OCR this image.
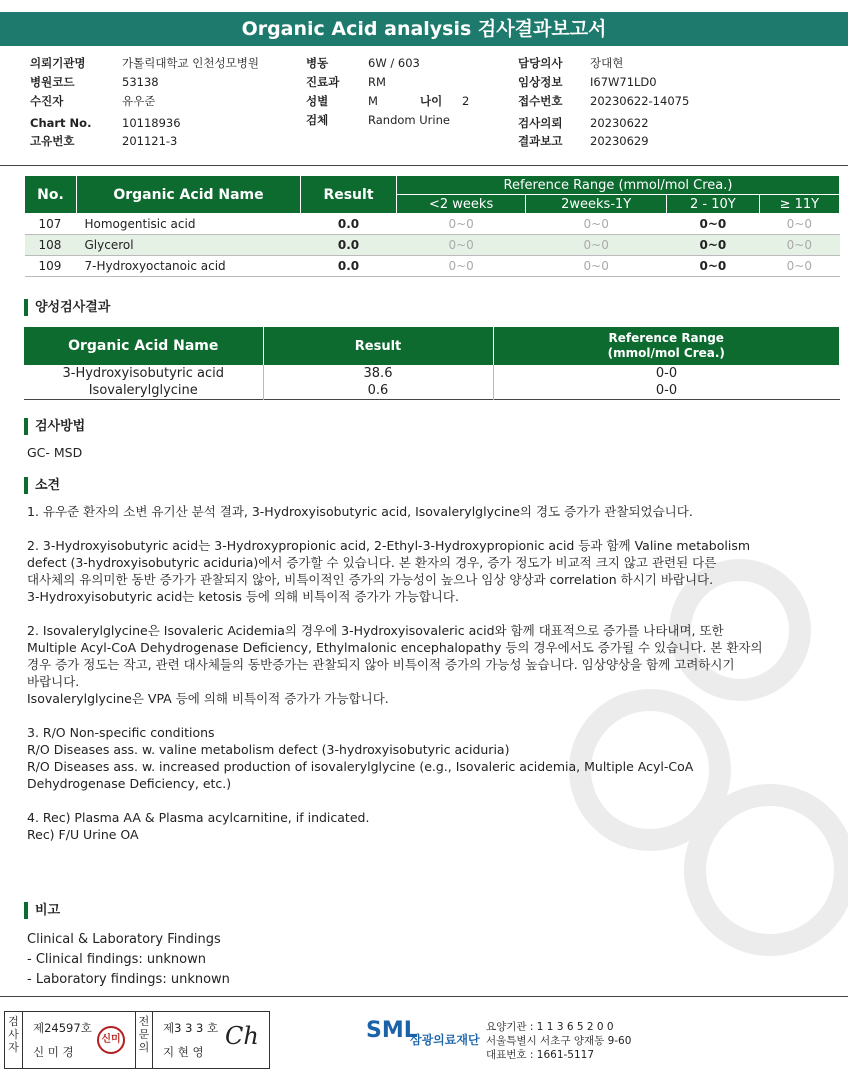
Organic Acid analysis 검사결과보고서
의뢰기관명	가톨릭대학교 인천성모병원
병원코드	53138
수진자	유우준
Chart No.	10118936
고유번호	201121-3
병동	6W / 603
진료과 RM
성별	M	나이 2
검체	Random Urine
담당의사 장대현
임상정보 I67W71LD0
접수번호 20230622-14075
검사의뢰 20230622
결과보고 20230629
No.	Organic Acid Name	Result	Reference Range (mmol/mol Crea.)			
			<2 weeks	2weeks-1Y	2 - 10Y	≥ 11Y
107	Homogentisic acid	0.0	0~0	0~0	0~0	0~0
108	Glycerol	0.0	0~0	0~0	0~0	0~0
109	7-Hydroxyoctanoic acid	0.0	0~0	0~0	0~0	0~0
양성검사결과
Organic Acid Name	Result	Reference Range
(mmol/mol Crea.)

3-Hydroxyisobutyric acid	38.6	0-0
Isovalerylglycine	0.6	0-0
검사방법
GC- MSD
소견
1. 유우준 환자의 소변 유기산 분석 결과, 3-Hydroxyisobutyric acid, Isovalerylglycine의 경도 증가가 관찰되었습니다.
2. 3-Hydroxyisobutyric acid는 3-Hydroxypropionic acid, 2-Ethyl-3-Hydroxypropionic acid 등과 함께 Valine metabolism
defect (3-hydroxyisobutyric aciduria)에서 증가할 수 있습니다. 본 환자의 경우, 증가 정도가 비교적 크지 않고 관련된 다른
대사체의 유의미한 동반 증가가 관찰되지 않아, 비특이적인 증가의 가능성이 높으나 임상 양상과 correlation 하시기 바랍니다.
3-Hydroxyisobutyric acid는 ketosis 등에 의해 비특이적 증가가 가능합니다.
2. Isovalerylglycine은 Isovaleric Acidemia의 경우에 3-Hydroxyisovaleric acid와 함께 대표적으로 증가를 나타내며, 또한
Multiple Acyl-CoA Dehydrogenase Deficiency, Ethylmalonic encephalopathy 등의 경우에서도 증가될 수 있습니다. 본 환자의
경우 증가 정도는 작고, 관련 대사체들의 동반증가는 관찰되지 않아 비특이적 증가의 가능성 높습니다. 임상양상을 함께 고려하시기
바랍니다.
Isovalerylglycine은 VPA 등에 의해 비특이적 증가가 가능합니다.
3. R/O Non-specific conditions
R/O Diseases ass. w. valine metabolism defect (3-hydroxyisobutyric aciduria)
R/O Diseases ass. w. increased production of isovalerylglycine (e.g., Isovaleric acidemia, Multiple Acyl-CoA
Dehydrogenase Deficiency, etc.)
4. Rec) Plasma AA & Plasma acylcarnitine, if indicated.
Rec) F/U Urine OA
비고
Clinical & Laboratory Findings
- Clinical findings: unknown
- Laboratory findings: unknown
검사자
제24597호
신 미 경
신미
전문의
제3 3 3 호
지 현 영
Ch	SML
삼광의료재단
요양기관 : 1 1 3 6 5 2 0 0
서울특별시 서초구 양재동 9-60
대표번호 : 1661-5117
